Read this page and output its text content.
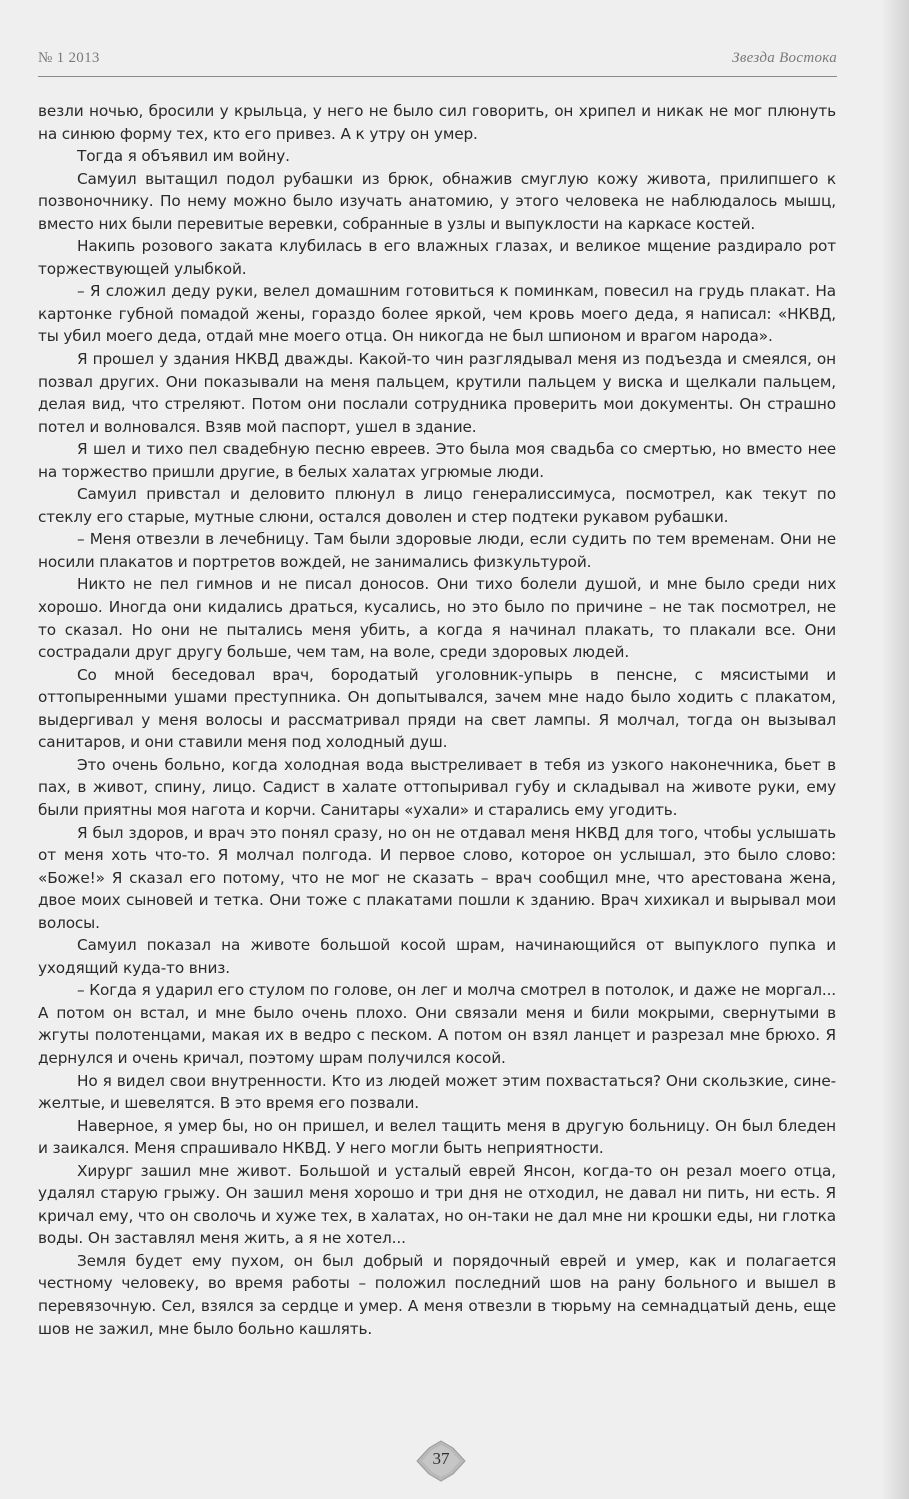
№ 1 2013	Звезда Востока

везли ночью, бросили у крыльца, у него не было сил говорить, он хрипел и никак не мог плюнуть на синюю форму тех, кто его привез. А к утру он умер.

Тогда я объявил им войну.

Самуил вытащил подол рубашки из брюк, обнажив смуглую кожу живота, прилипшего к позвоночнику. По нему можно было изучать анатомию, у этого человека не наблюдалось мышц, вместо них были перевитые веревки, собранные в узлы и выпуклости на каркасе костей.

Накипь розового заката клубилась в его влажных глазах, и великое мщение раздирало рот торжествующей улыбкой.

– Я сложил деду руки, велел домашним готовиться к поминкам, повесил на грудь плакат. На картонке губной помадой жены, гораздо более яркой, чем кровь моего деда, я написал: «НКВД, ты убил моего деда, отдай мне моего отца. Он никогда не был шпионом и врагом народа».

Я прошел у здания НКВД дважды. Какой-то чин разглядывал меня из подъезда и смеялся, он позвал других. Они показывали на меня пальцем, крутили пальцем у виска и щелкали пальцем, делая вид, что стреляют. Потом они послали сотрудника проверить мои документы. Он страшно потел и волновался. Взяв мой паспорт, ушел в здание.

Я шел и тихо пел свадебную песню евреев. Это была моя свадьба со смертью, но вместо нее на торжество пришли другие, в белых халатах угрюмые люди.

Самуил привстал и деловито плюнул в лицо генералиссимуса, посмотрел, как текут по стеклу его старые, мутные слюни, остался доволен и стер подтеки рукавом рубашки.

– Меня отвезли в лечебницу. Там были здоровые люди, если судить по тем временам. Они не носили плакатов и портретов вождей, не занимались физкультурой.

Никто не пел гимнов и не писал доносов. Они тихо болели душой, и мне было среди них хорошо. Иногда они кидались драться, кусались, но это было по причине – не так посмотрел, не то сказал. Но они не пытались меня убить, а когда я начинал плакать, то плакали все. Они сострадали друг другу больше, чем там, на воле, среди здоровых людей.

Со мной беседовал врач, бородатый уголовник-упырь в пенсне, с мясистыми и оттопыренными ушами преступника. Он допытывался, зачем мне надо было ходить с плакатом, выдергивал у меня волосы и рассматривал пряди на свет лампы. Я молчал, тогда он вызывал санитаров, и они ставили меня под холодный душ.

Это очень больно, когда холодная вода выстреливает в тебя из узкого наконечника, бьет в пах, в живот, спину, лицо. Садист в халате оттопыривал губу и складывал на животе руки, ему были приятны моя нагота и корчи. Санитары «ухали» и старались ему угодить.

Я был здоров, и врач это понял сразу, но он не отдавал меня НКВД для того, чтобы услышать от меня хоть что-то. Я молчал полгода. И первое слово, которое он услышал, это было слово: «Боже!» Я сказал его потому, что не мог не сказать – врач сообщил мне, что арестована жена, двое моих сыновей и тетка. Они тоже с плакатами пошли к зданию. Врач хихикал и вырывал мои волосы.

Самуил показал на животе большой косой шрам, начинающийся от выпуклого пупка и уходящий куда-то вниз.

– Когда я ударил его стулом по голове, он лег и молча смотрел в потолок, и даже не моргал... А потом он встал, и мне было очень плохо. Они связали меня и били мокрыми, свернутыми в жгуты полотенцами, макая их в ведро с песком. А потом он взял ланцет и разрезал мне брюхо. Я дернулся и очень кричал, поэтому шрам получился косой.

Но я видел свои внутренности. Кто из людей может этим похвастаться? Они скользкие, сине-желтые, и шевелятся. В это время его позвали.

Наверное, я умер бы, но он пришел, и велел тащить меня в другую больницу. Он был бледен и заикался. Меня спрашивало НКВД. У него могли быть неприятности.

Хирург зашил мне живот. Большой и усталый еврей Янсон, когда-то он резал моего отца, удалял старую грыжу. Он зашил меня хорошо и три дня не отходил, не давал ни пить, ни есть. Я кричал ему, что он сволочь и хуже тех, в халатах, но он-таки не дал мне ни крошки еды, ни глотка воды. Он заставлял меня жить, а я не хотел...

Земля будет ему пухом, он был добрый и порядочный еврей и умер, как и полагается честному человеку, во время работы – положил последний шов на рану больного и вышел в перевязочную. Сел, взялся за сердце и умер. А меня отвезли в тюрьму на семнадцатый день, еще шов не зажил, мне было больно кашлять.

37
